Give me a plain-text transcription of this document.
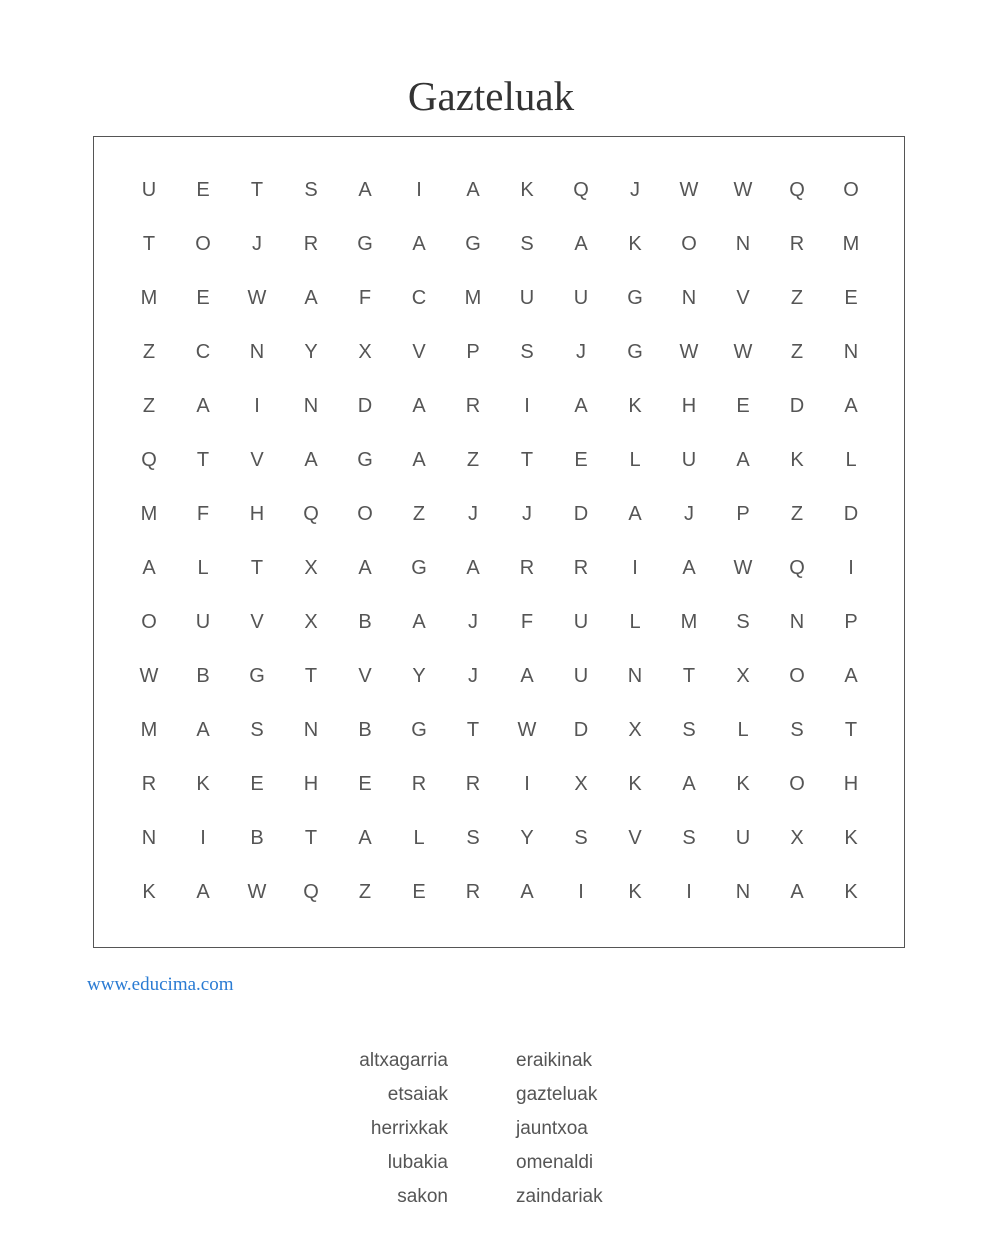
Gazteluak
U	E	T	S	A	I	A	K	Q	J	W	W	Q	O
T	O	J	R	G	A	G	S	A	K	O	N	R	M
M	E	W	A	F	C	M	U	U	G	N	V	Z	E
Z	C	N	Y	X	V	P	S	J	G	W	W	Z	N
Z	A	I	N	D	A	R	I	A	K	H	E	D	A
Q	T	V	A	G	A	Z	T	E	L	U	A	K	L
M	F	H	Q	O	Z	J	J	D	A	J	P	Z	D
A	L	T	X	A	G	A	R	R	I	A	W	Q	I
O	U	V	X	B	A	J	F	U	L	M	S	N	P
W	B	G	T	V	Y	J	A	U	N	T	X	O	A
M	A	S	N	B	G	T	W	D	X	S	L	S	T
R	K	E	H	E	R	R	I	X	K	A	K	O	H
N	I	B	T	A	L	S	Y	S	V	S	U	X	K
K	A	W	Q	Z	E	R	A	I	K	I	N	A	K
www.educima.com
altxagarria
etsaiak
herrixkak
lubakia
sakon
eraikinak
gazteluak
jauntxoa
omenaldi
zaindariak
